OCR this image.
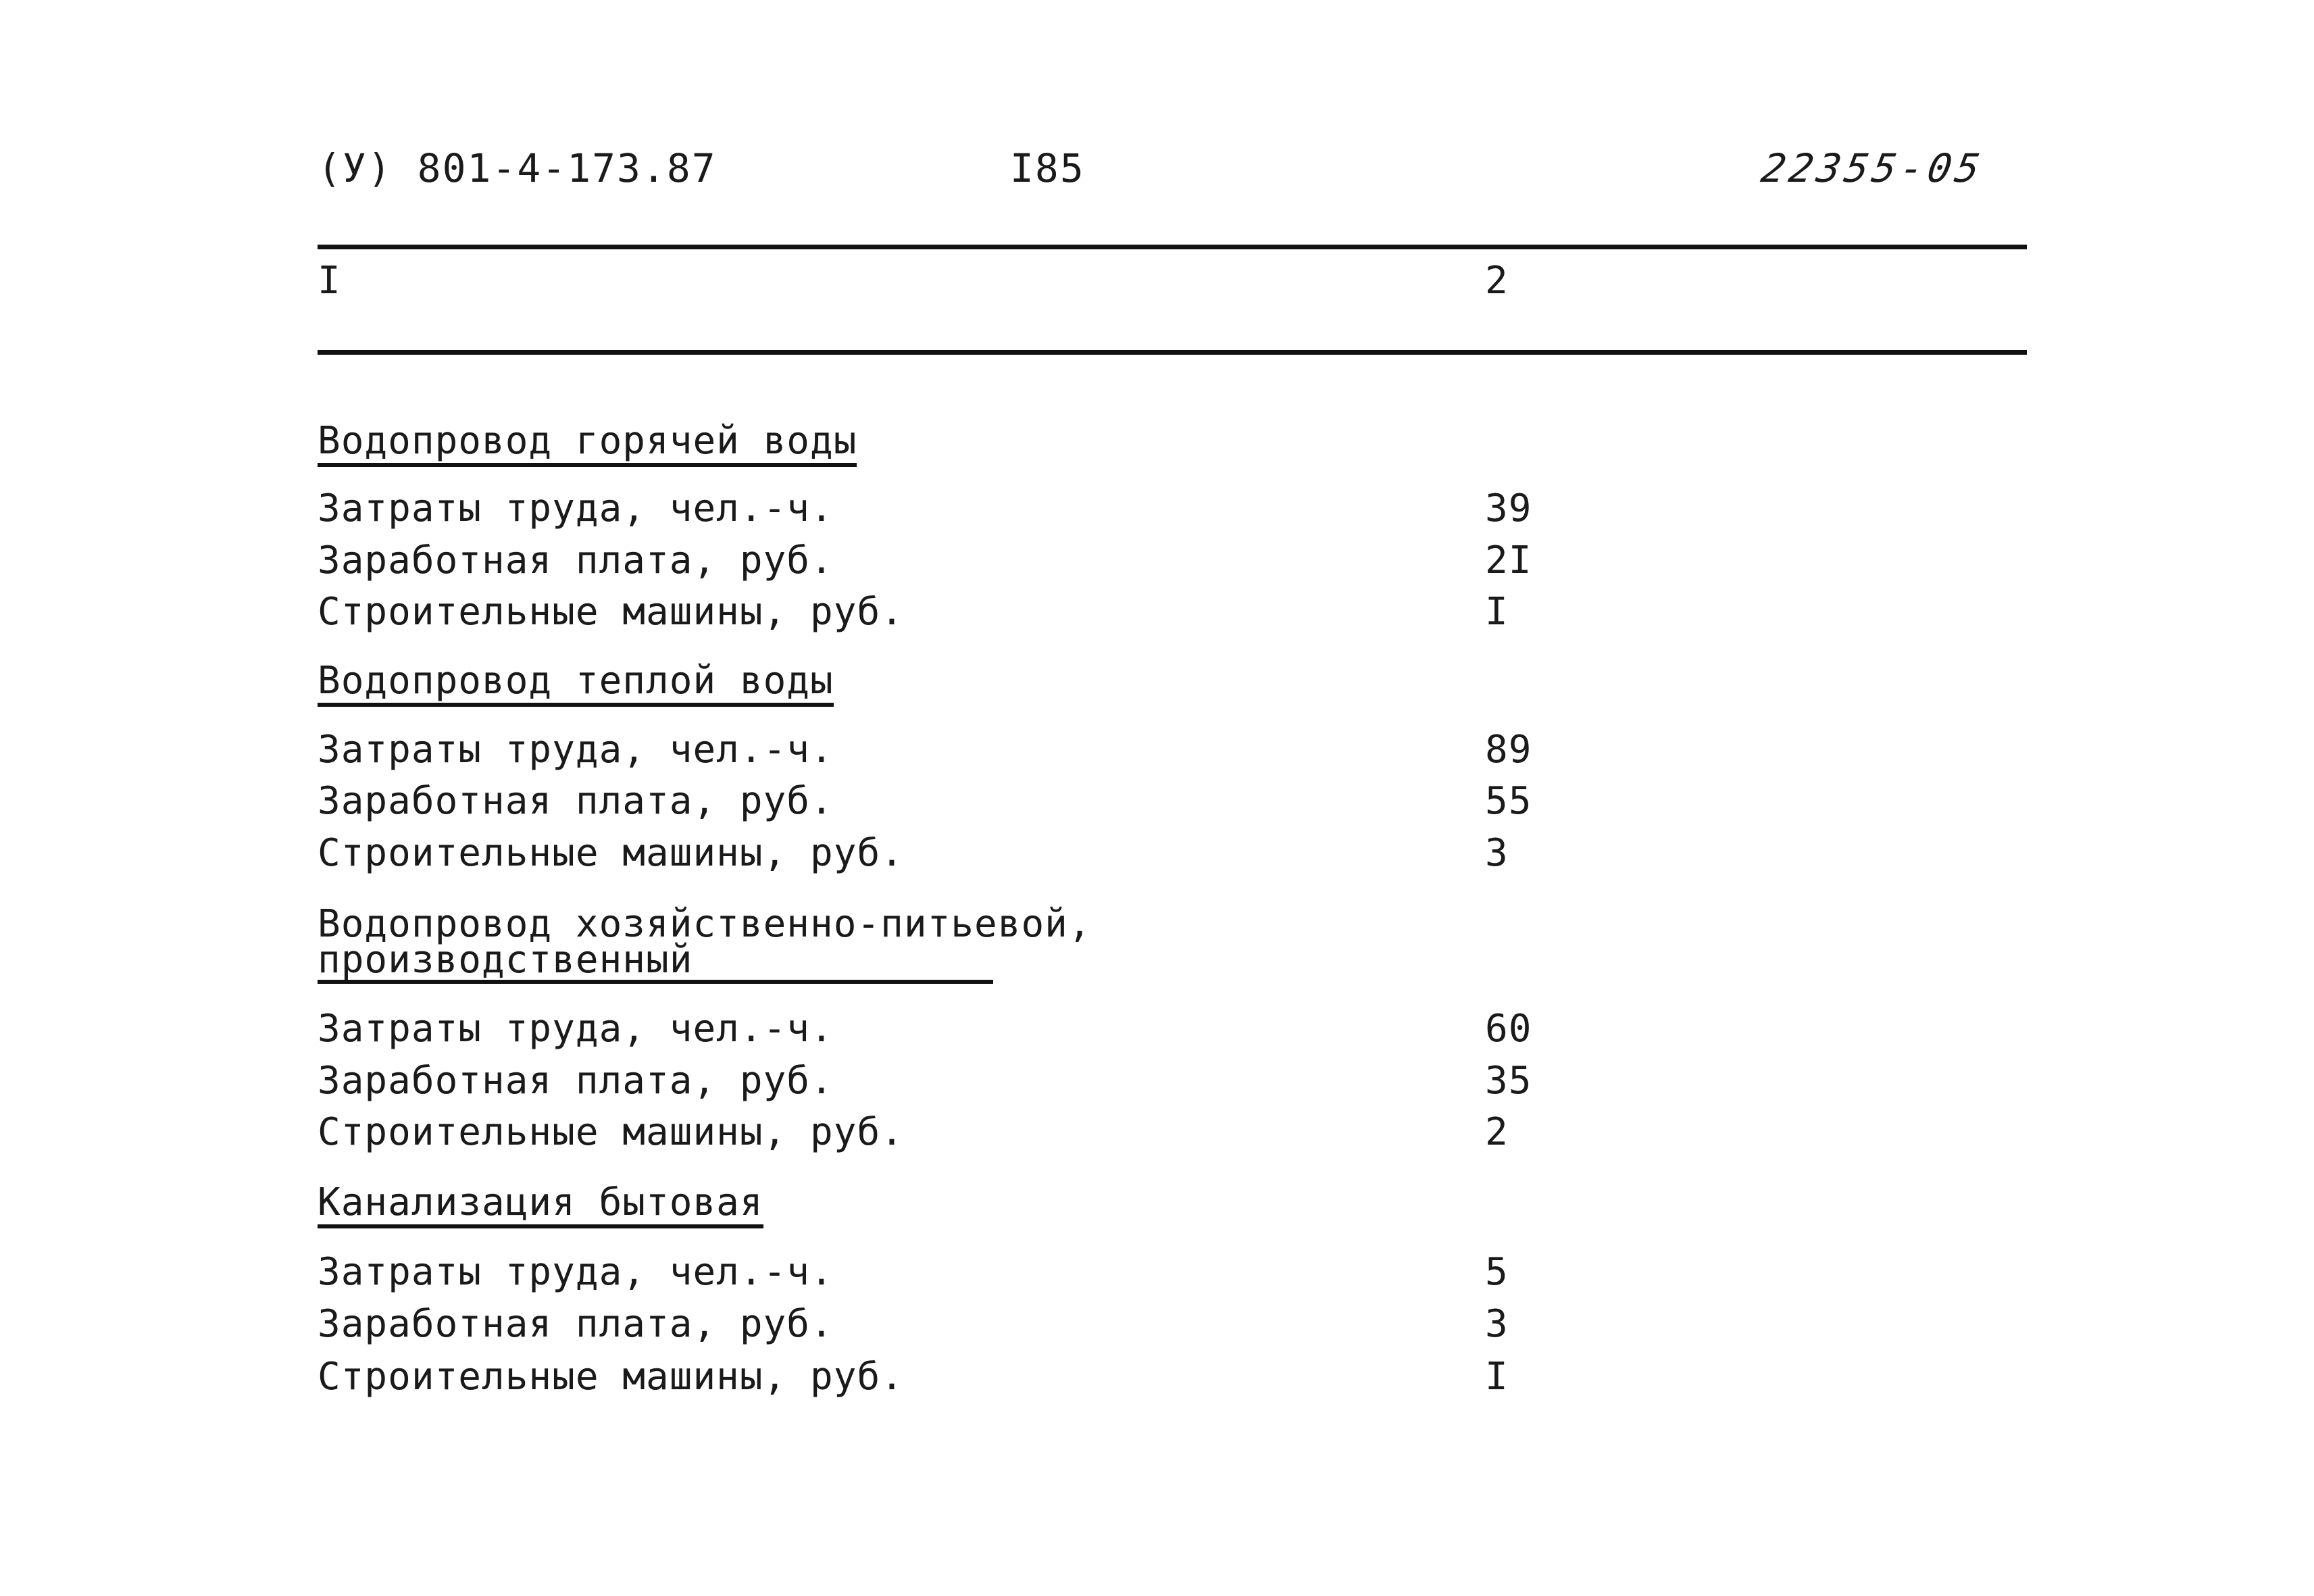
(У) 801-4-173.87	I85	22355-05
I	2
Водопровод горячей воды
Затраты труда, чел.-ч.	39
Заработная плата, руб.	2I
Строительные машины, руб.	I
Водопровод теплой воды
Затраты труда, чел.-ч.	89
Заработная плата, руб.	55
Строительные машины, руб.	3
Водопровод хозяйственно-питьевой,
производственный
Затраты труда, чел.-ч.	60
Заработная плата, руб.	35
Строительные машины, руб.	2
Канализация бытовая
Затраты труда, чел.-ч.	5
Заработная плата, руб.	3
Строительные машины, руб.	I
